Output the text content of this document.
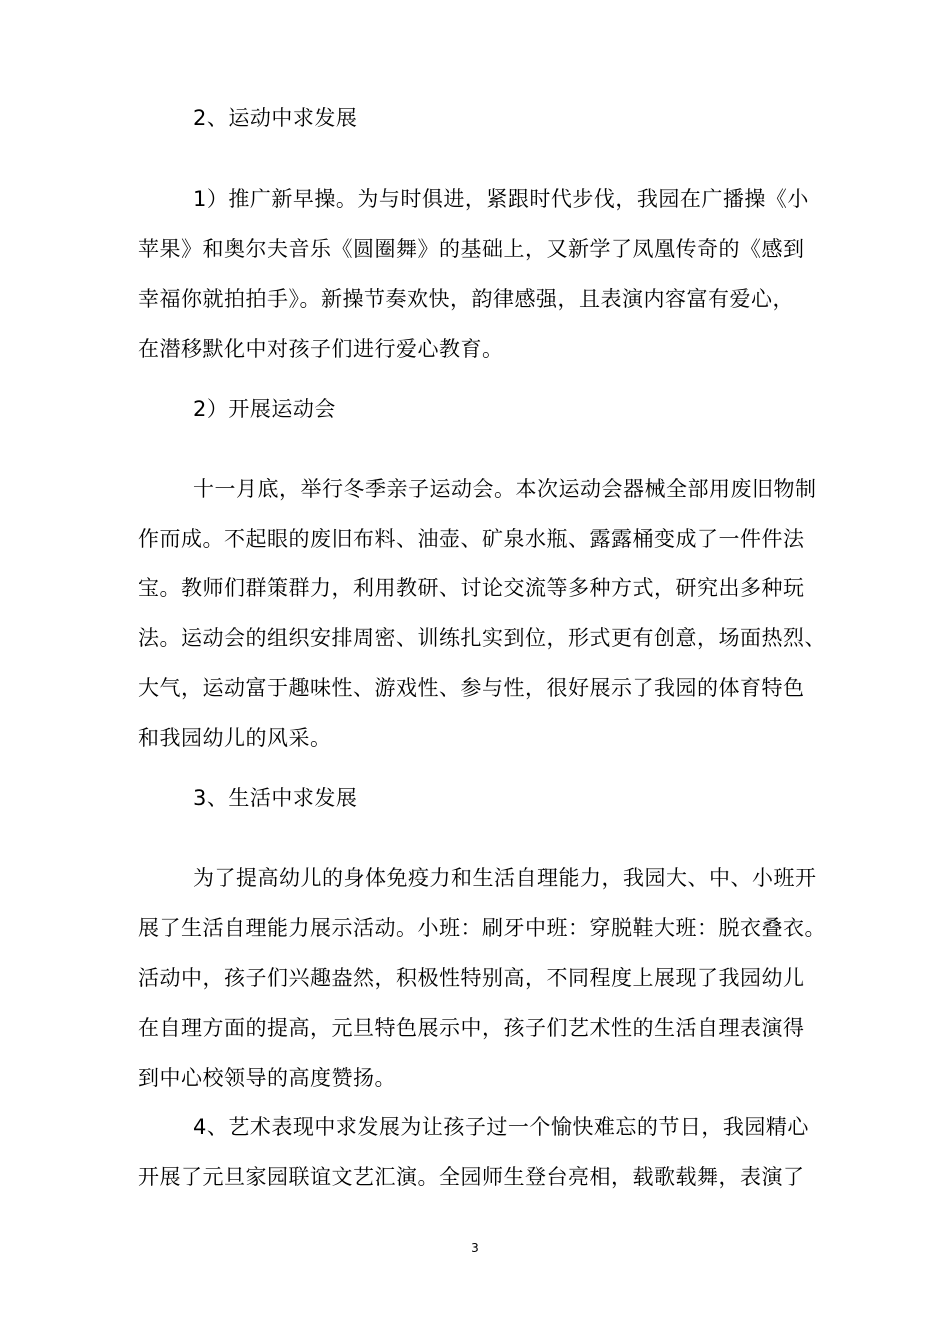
2、运动中求发展
1）推广新早操。为与时俱进，紧跟时代步伐，我园在广播操《小
苹果》和奥尔夫音乐《圆圈舞》的基础上，又新学了凤凰传奇的《感到
幸福你就拍拍手》。新操节奏欢快，韵律感强，且表演内容富有爱心，
在潜移默化中对孩子们进行爱心教育。
2）开展运动会
十一月底，举行冬季亲子运动会。本次运动会器械全部用废旧物制
作而成。不起眼的废旧布料、油壶、矿泉水瓶、露露桶变成了一件件法
宝。教师们群策群力，利用教研、讨论交流等多种方式，研究出多种玩
法。运动会的组织安排周密、训练扎实到位，形式更有创意，场面热烈、
大气，运动富于趣味性、游戏性、参与性，很好展示了我园的体育特色
和我园幼儿的风采。
3、生活中求发展
为了提高幼儿的身体免疫力和生活自理能力，我园大、中、小班开
展了生活自理能力展示活动。小班：刷牙中班：穿脱鞋大班：脱衣叠衣。
活动中，孩子们兴趣盎然，积极性特别高，不同程度上展现了我园幼儿
在自理方面的提高，元旦特色展示中，孩子们艺术性的生活自理表演得
到中心校领导的高度赞扬。
4、艺术表现中求发展为让孩子过一个愉快难忘的节日，我园精心
开展了元旦家园联谊文艺汇演。全园师生登台亮相，载歌载舞，表演了
3
